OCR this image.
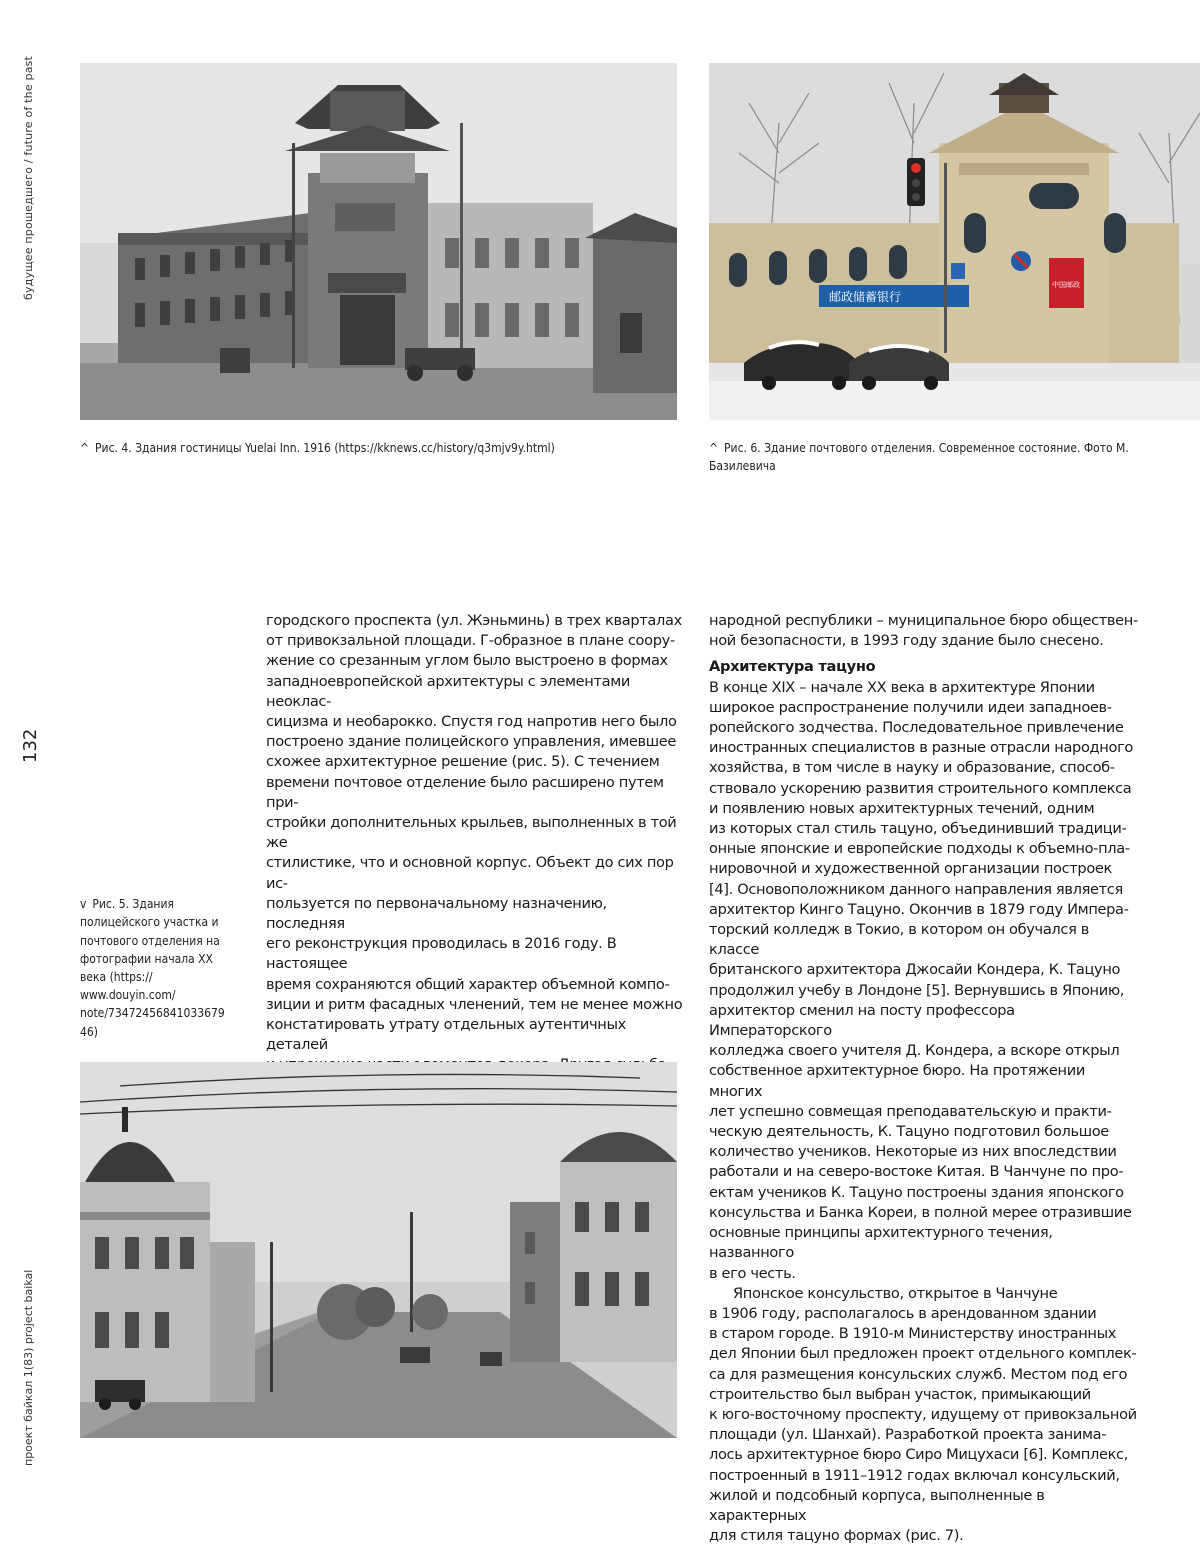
будущее прошедшего / future of the past
132
проект байкал 1(83) project baikal
邮政储蓄银行
中国邮政
^ Рис. 4. Здания гостиницы Yuelai Inn. 1916 (https://kknews.cc/history/q3mjv9y.html)	^ Рис. 6. Здание почтового отделения. Современное состояние. Фото М. Базилевича

v Рис. 5. Здания полицейского участка и почтового отделения на фотографии начала XX века (https://
www.douyin.com/
note/73472456841033679
46)

городского проспекта (ул. Жэньминь) в трех кварталах
от привокзальной площади. Г-образное в плане соору-
жение со срезанным углом было выстроено в формах
западноевропейской архитектуры с элементами неоклас-
сицизма и необарокко. Спустя год напротив него было
построено здание полицейского управления, имевшее
схожее архитектурное решение (рис. 5). С течением
времени почтовое отделение было расширено путем при-
стройки дополнительных крыльев, выполненных в той же
стилистике, что и основной корпус. Объект до сих пор ис-
пользуется по первоначальному назначению, последняя
его реконструкция проводилась в 2016 году. В настоящее
время сохраняются общий характер объемной компо-
зиции и ритм фасадных членений, тем не менее можно
констатировать утрату отдельных аутентичных деталей

народной республики – муниципальное бюро обществен-
ной безопасности, в 1993 году здание было снесено.

Архитектура тацуно

В конце XIX – начале XX века в архитектуре Японии
широкое распространение получили идеи западноев-
ропейского зодчества. Последовательное привлечение
иностранных специалистов в разные отрасли народного
хозяйства, в том числе в науку и образование, способ-
ствовало ускорению развития строительного комплекса
и появлению новых архитектурных течений, одним
из которых стал стиль тацуно, объединивший традици-
онные японские и европейские подходы к объемно-пла-
нировочной и художественной организации построек
[4]. Основоположником данного направления является
архитектор Кинго Тацуно. Окончив в 1879 году Импера-
торский колледж в Токио, в котором он обучался в классе
британского архитектора Джосайи Кондера, К. Тацуно
продолжил учебу в Лондоне [5]. Вернувшись в Японию,
архитектор сменил на посту профессора Императорского
колледжа своего учителя Д. Кондера, а вскоре открыл
собственное архитектурное бюро. На протяжении многих
лет успешно совмещая преподавательскую и практи-
ческую деятельность, К. Тацуно подготовил большое
количество учеников. Некоторые из них впоследствии
работали и на северо-востоке Китая. В Чанчуне по про-
ектам учеников К. Тацуно построены здания японского
консульства и Банка Кореи, в полной мерее отразившие
основные принципы архитектурного течения, названного
в его честь.

Японское консульство, открытое в Чанчуне
в 1906 году, располагалось в арендованном здании
в старом городе. В 1910-м Министерству иностранных
дел Японии был предложен проект отдельного комплек-
са для размещения консульских служб. Местом под его
строительство был выбран участок, примыкающий
к юго-восточному проспекту, идущему от привокзальной
площади (ул. Шанхай). Разработкой проекта занима-
лось архитектурное бюро Сиро Мицухаси [6]. Комплекс,
построенный в 1911–1912 годах включал консульский,
жилой и подсобный корпуса, выполненные в характерных
для стиля тацуно формах (рис. 7).
